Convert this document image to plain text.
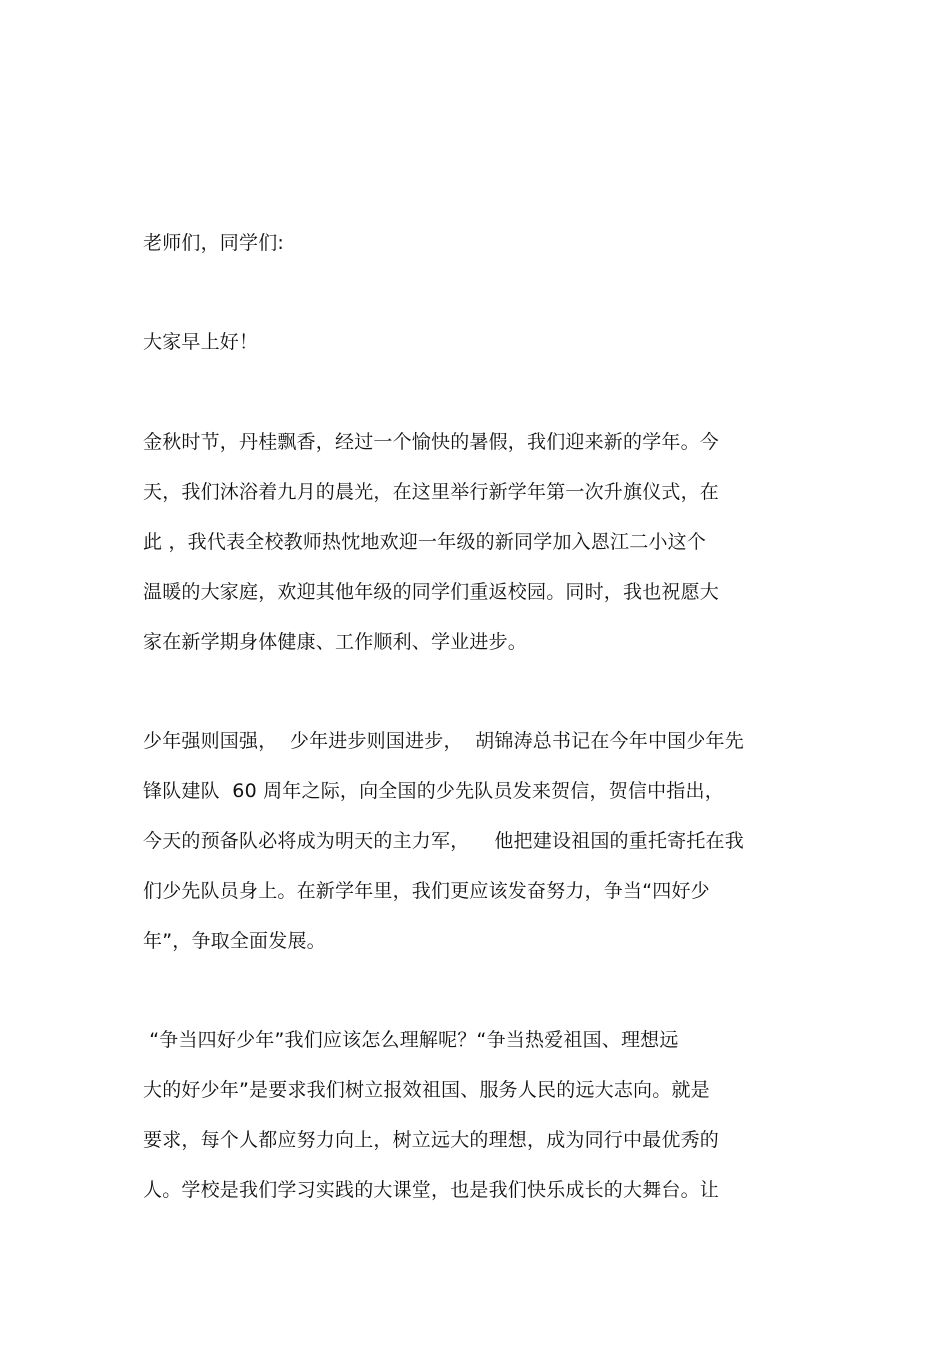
老师们，同学们:
大家早上好！
金秋时节，丹桂飘香，经过一个愉快的暑假，我们迎来新的学年。今
天，我们沐浴着九月的晨光，在这里举行新学年第一次升旗仪式，在
此 ，我代表全校教师热忱地欢迎一年级的新同学加入恩江二小这个
温暖的大家庭，欢迎其他年级的同学们重返校园。同时，我也祝愿大
家在新学期身体健康、工作顺利、学业进步。
少年强则国强，  少年进步则国进步，  胡锦涛总书记在今年中国少年先
锋队建队  60 周年之际，向全国的少先队员发来贺信，贺信中指出，
今天的预备队必将成为明天的主力军，    他把建设祖国的重托寄托在我
们少先队员身上。在新学年里，我们更应该发奋努力，争当“四好少
年”，争取全面发展。
“争当四好少年”我们应该怎么理解呢？“争当热爱祖国、理想远
大的好少年”是要求我们树立报效祖国、服务人民的远大志向。就是
要求，每个人都应努力向上，树立远大的理想，成为同行中最优秀的
人。学校是我们学习实践的大课堂，也是我们快乐成长的大舞台。让
